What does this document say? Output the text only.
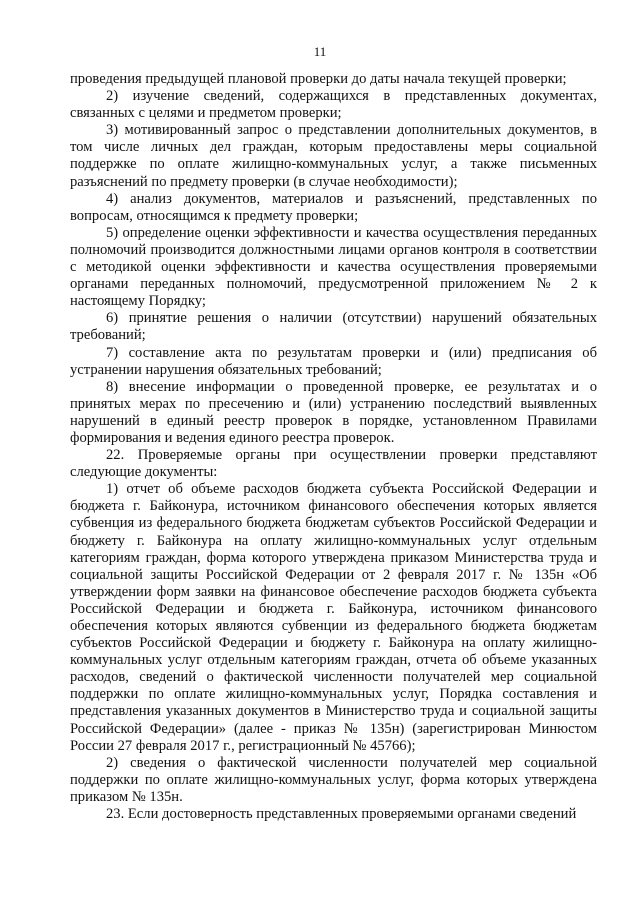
11

проведения предыдущей плановой проверки до даты начала текущей проверки;

2) изучение сведений, содержащихся в представленных документах, связанных с целями и предметом проверки;

3) мотивированный запрос о представлении дополнительных документов, в том числе личных дел граждан, которым предоставлены меры социальной поддержке по оплате жилищно-коммунальных услуг, а также письменных разъяснений по предмету проверки (в случае необходимости);

4) анализ документов, материалов и разъяснений, представленных по вопросам, относящимся к предмету проверки;

5) определение оценки эффективности и качества осуществления переданных полномочий производится должностными лицами органов контроля в соответствии с методикой оценки эффективности и качества осуществления проверяемыми органами переданных полномочий, предусмотренной приложением № 2 к настоящему Порядку;

6) принятие решения о наличии (отсутствии) нарушений обязательных требований;

7) составление акта по результатам проверки и (или) предписания об устранении нарушения обязательных требований;

8) внесение информации о проведенной проверке, ее результатах и о принятых мерах по пресечению и (или) устранению последствий выявленных нарушений в единый реестр проверок в порядке, установленном Правилами формирования и ведения единого реестра проверок.

22. Проверяемые органы при осуществлении проверки представляют следующие документы:

1) отчет об объеме расходов бюджета субъекта Российской Федерации и бюджета г. Байконура, источником финансового обеспечения которых является субвенция из федерального бюджета бюджетам субъектов Российской Федерации и бюджету г. Байконура на оплату жилищно-коммунальных услуг отдельным категориям граждан, форма которого утверждена приказом Министерства труда и социальной защиты Российской Федерации от 2 февраля 2017 г. № 135н «Об утверждении форм заявки на финансовое обеспечение расходов бюджета субъекта Российской Федерации и бюджета г. Байконура, источником финансового обеспечения которых являются субвенции из федерального бюджета бюджетам субъектов Российской Федерации и бюджету г. Байконура на оплату жилищно-коммунальных услуг отдельным категориям граждан, отчета об объеме указанных расходов, сведений о фактической численности получателей мер социальной поддержки по оплате жилищно-коммунальных услуг, Порядка составления и представления указанных документов в Министерство труда и социальной защиты Российской Федерации» (далее - приказ № 135н) (зарегистрирован Минюстом России 27 февраля 2017 г., регистрационный № 45766);

2) сведения о фактической численности получателей мер социальной поддержки по оплате жилищно-коммунальных услуг, форма которых утверждена приказом № 135н.

23. Если достоверность представленных проверяемыми органами сведений
